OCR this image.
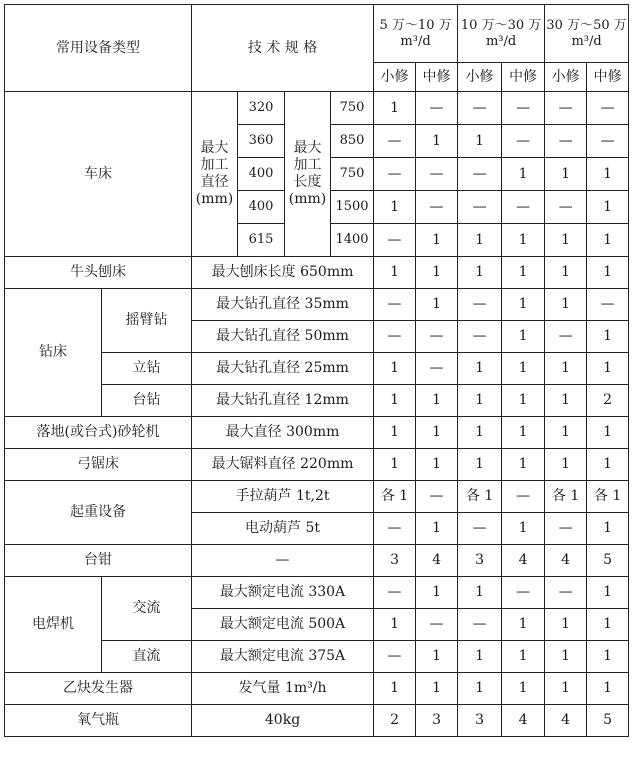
常用设备类型		技 术 规 格				5 万～10 万 m³/d		10 万～30 万 m³/d		30 万～50 万 m³/d	
						小修	中修	小修	中修	小修	中修
车床		最大
加工
直径
(mm)	320	最大
加工
长度
(mm)	750	1	—	—	—	—	—
			360		850	—	1	1	—	—	—
			400		750	—	—	—	1	1	1
			400		1500	1	—	—	—	—	1
			615		1400	—	1	1	1	1	1
牛头刨床		最大刨床长度 650mm				1	1	1	1	1	1
钻床	摇臂钻	最大钻孔直径 35mm				—	1	—	1	1	—
		最大钻孔直径 50mm				—	—	—	1	—	1
	立钻	最大钻孔直径 25mm				1	—	1	1	1	1
	台钻	最大钻孔直径 12mm				1	1	1	1	1	2
落地(或台式)砂轮机		最大直径 300mm				1	1	1	1	1	1
弓锯床		最大锯料直径 220mm				1	1	1	1	1	1
起重设备		手拉葫芦 1t,2t				各 1	—	各 1	—	各 1	各 1
		电动葫芦 5t				—	1	—	1	—	1
台钳		—				3	4	3	4	4	5
电焊机	交流	最大额定电流 330A				—	1	1	—	—	1
		最大额定电流 500A				1	—	—	1	1	1
	直流	最大额定电流 375A				—	1	1	1	1	1
乙炔发生器		发气量 1m³/h				1	1	1	1	1	1
氧气瓶		40kg				2	3	3	4	4	5
